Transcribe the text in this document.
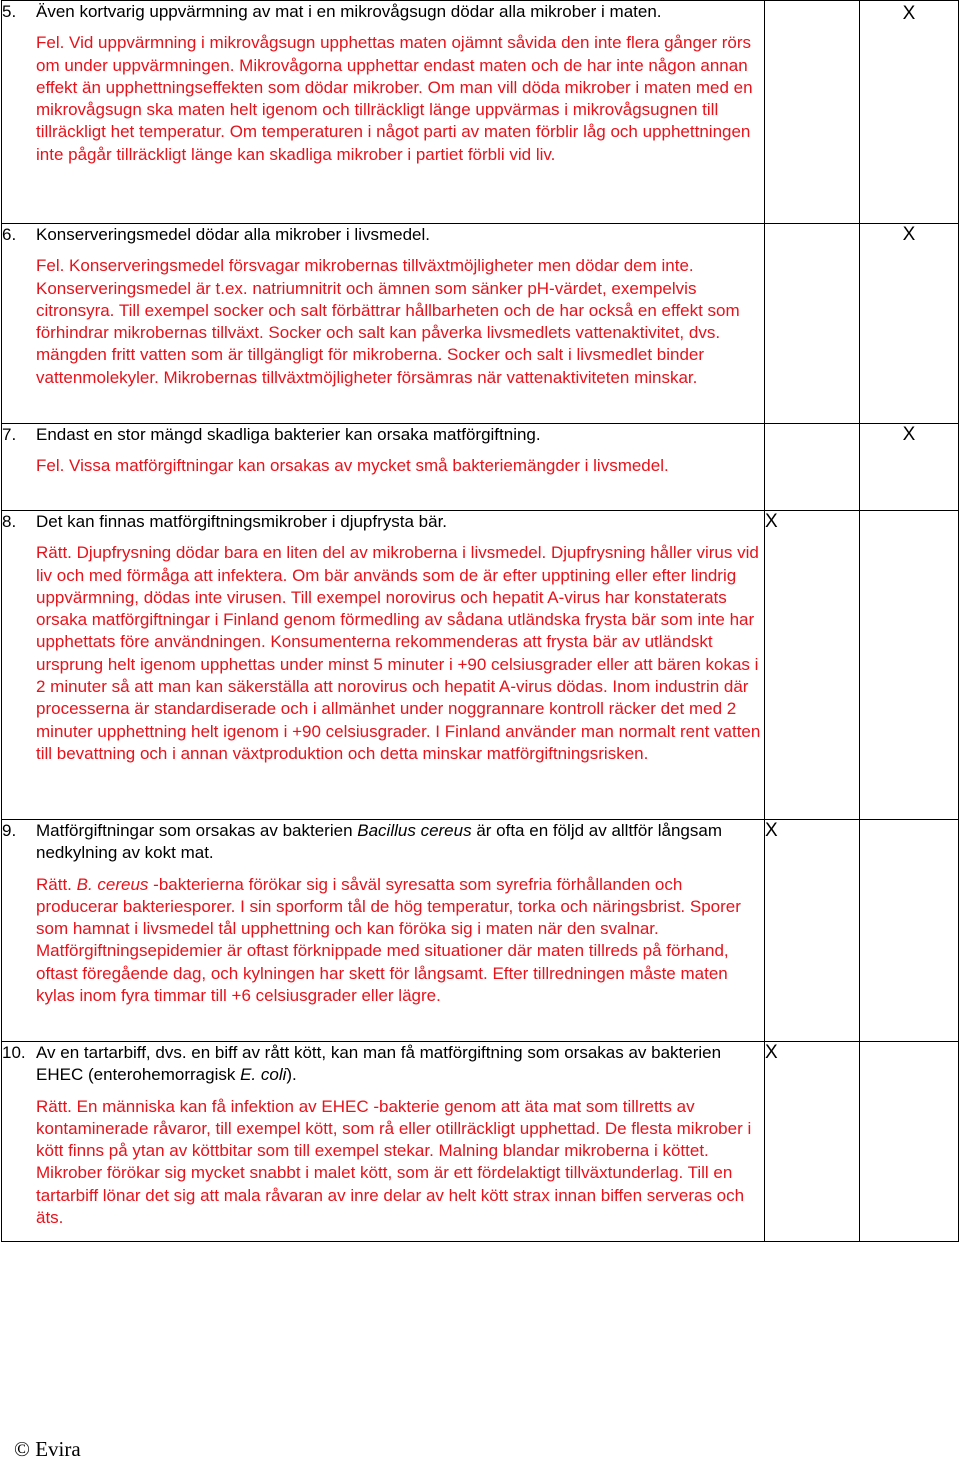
5. Även kortvarig uppvärmning av mat i en mikrovågsugn dödar alla mikrober i maten.
Fel. Vid uppvärmning i mikrovågsugn upphettas maten ojämnt såvida den inte flera gånger rörs om under uppvärmningen. Mikrovågorna upphettar endast maten och de har inte någon annan effekt än upphettningseffekten som dödar mikrober. Om man vill döda mikrober i maten med en mikrovågsugn ska maten helt igenom och tillräckligt länge uppvärmas i mikrovågsugnen till tillräckligt het temperatur. Om temperaturen i något parti av maten förblir låg och upphettningen inte pågår tillräckligt länge kan skadliga mikrober i partiet förbli vid liv.		X

6. Konserveringsmedel dödar alla mikrober i livsmedel.
Fel. Konserveringsmedel försvagar mikrobernas tillväxtmöjligheter men dödar dem inte. Konserveringsmedel är t.ex. natriumnitrit och ämnen som sänker pH-värdet, exempelvis citronsyra. Till exempel socker och salt förbättrar hållbarheten och de har också en effekt som förhindrar mikrobernas tillväxt. Socker och salt kan påverka livsmedlets vattenaktivitet, dvs. mängden fritt vatten som är tillgängligt för mikroberna. Socker och salt i livsmedlet binder vattenmolekyler. Mikrobernas tillväxtmöjligheter försämras när vattenaktiviteten minskar.		X

7. Endast en stor mängd skadliga bakterier kan orsaka matförgiftning.
Fel. Vissa matförgiftningar kan orsakas av mycket små bakteriemängder i livsmedel.		X

8. Det kan finnas matförgiftningsmikrober i djupfrysta bär.
Rätt. Djupfrysning dödar bara en liten del av mikroberna i livsmedel. Djupfrysning håller virus vid liv och med förmåga att infektera. Om bär används som de är efter upptining eller efter lindrig uppvärmning, dödas inte virusen. Till exempel norovirus och hepatit A-virus har konstaterats orsaka matförgiftningar i Finland genom förmedling av sådana utländska frysta bär som inte har upphettats före användningen. Konsumenterna rekommenderas att frysta bär av utländskt ursprung helt igenom upphettas under minst 5 minuter i +90 celsiusgrader eller att bären kokas i 2 minuter så att man kan säkerställa att norovirus och hepatit A-virus dödas. Inom industrin där processerna är standardiserade och i allmänhet under noggrannare kontroll räcker det med 2 minuter upphettning helt igenom i +90 celsiusgrader. I Finland använder man normalt rent vatten till bevattning och i annan växtproduktion och detta minskar matförgiftningsrisken.	X	

9. Matförgiftningar som orsakas av bakterien Bacillus cereus är ofta en följd av alltför långsam nedkylning av kokt mat.
Rätt. B. cereus -bakterierna förökar sig i såväl syresatta som syrefria förhållanden och producerar bakteriesporer. I sin sporform tål de hög temperatur, torka och näringsbrist. Sporer som hamnat i livsmedel tål upphettning och kan föröka sig i maten när den svalnar. Matförgiftningsepidemier är oftast förknippade med situationer där maten tillreds på förhand, oftast föregående dag, och kylningen har skett för långsamt. Efter tillredningen måste maten kylas inom fyra timmar till +6 celsiusgrader eller lägre.	X	

10. Av en tartarbiff, dvs. en biff av rått kött, kan man få matförgiftning som orsakas av bakterien EHEC (enterohemorragisk E. coli).
Rätt. En människa kan få infektion av EHEC -bakterie genom att äta mat som tillretts av kontaminerade råvaror, till exempel kött, som rå eller otillräckligt upphettad. De flesta mikrober i kött finns på ytan av köttbitar som till exempel stekar. Malning blandar mikroberna i köttet. Mikrober förökar sig mycket snabbt i malet kött, som är ett fördelaktigt tillväxtunderlag. Till en tartarbiff lönar det sig att mala råvaran av inre delar av helt kött strax innan biffen serveras och äts.	X	
© Evira
